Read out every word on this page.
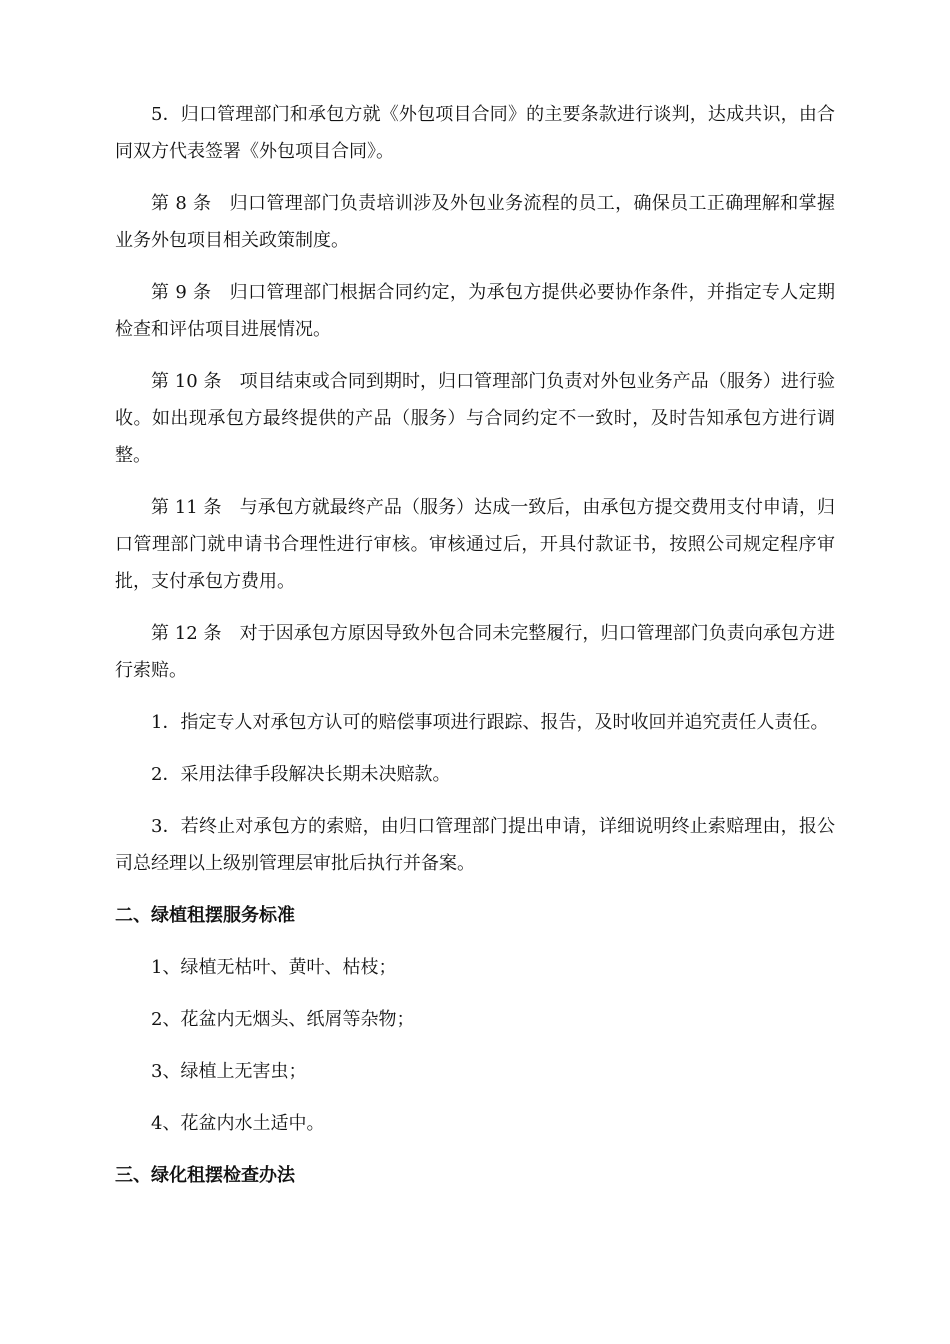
5．归口管理部门和承包方就《外包项目合同》的主要条款进行谈判，达成共识，由合同双方代表签署《外包项目合同》。

第 8 条 归口管理部门负责培训涉及外包业务流程的员工，确保员工正确理解和掌握业务外包项目相关政策制度。

第 9 条 归口管理部门根据合同约定，为承包方提供必要协作条件，并指定专人定期检查和评估项目进展情况。

第 10 条 项目结束或合同到期时，归口管理部门负责对外包业务产品（服务）进行验收。如出现承包方最终提供的产品（服务）与合同约定不一致时，及时告知承包方进行调整。

第 11 条 与承包方就最终产品（服务）达成一致后，由承包方提交费用支付申请，归口管理部门就申请书合理性进行审核。审核通过后，开具付款证书，按照公司规定程序审批，支付承包方费用。

第 12 条 对于因承包方原因导致外包合同未完整履行，归口管理部门负责向承包方进行索赔。

1．指定专人对承包方认可的赔偿事项进行跟踪、报告，及时收回并追究责任人责任。

2．采用法律手段解决长期未决赔款。

3．若终止对承包方的索赔，由归口管理部门提出申请，详细说明终止索赔理由，报公司总经理以上级别管理层审批后执行并备案。

二、绿植租摆服务标准

1、绿植无枯叶、黄叶、枯枝；

2、花盆内无烟头、纸屑等杂物；

3、绿植上无害虫；

4、花盆内水土适中。

三、绿化租摆检查办法
